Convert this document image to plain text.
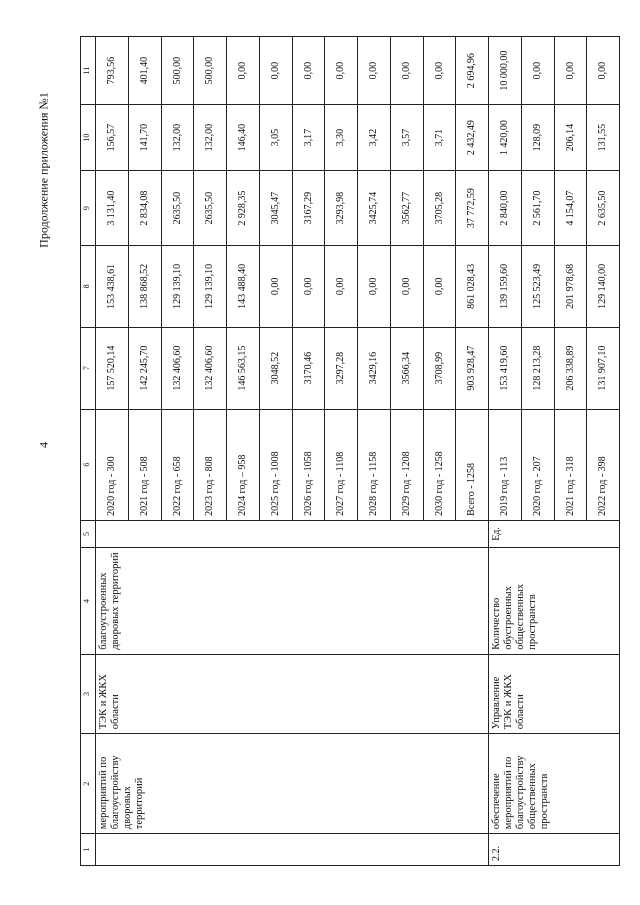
4
Продолжение приложения №1
1	2	3	4	5	6	7	8	9	10	11
	мероприятий по благоустройству дворовых территорий	ТЭК и ЖКХ области	благоустроенных дворовых территорий		2020 год - 300	157 520,14	153 438,61	3 131,40	156,57	793,56
					2021 год - 508	142 245,70	138 868,52	2 834,08	141,70	401,40
					2022 год - 658	132 406,60	129 139,10	2635,50	132,00	500,00
					2023 год - 808	132 406,60	129 139,10	2635,50	132,00	500,00
					2024 год – 958	146 563,15	143 488,40	2 928,35	146,40	0,00
					2025 год - 1008	3048,52	0,00	3045,47	3,05	0,00
					2026 год - 1058	3170,46	0,00	3167,29	3,17	0,00
					2027 год - 1108	3297,28	0,00	3293,98	3,30	0,00
					2028 год - 1158	3429,16	0,00	3425,74	3,42	0,00
					2029 год - 1208	3566,34	0,00	3562,77	3,57	0,00
					2030 год - 1258	3708,99	0,00	3705,28	3,71	0,00
					Всего - 1258	903 928,47	861 028,43	37 772,59	2 432,49	2 694,96
2.2.	обеспечение мероприятий по благоустройству общественных пространств	Управление ТЭК и ЖКХ области	Количество обустроенных общественных пространств	Ед.	2019 год - 113	153 419,60	139 159,60	2 840,00	1 420,00	10 000,00
					2020 год - 207	128 213,28	125 523,49	2 561,70	128,09	0,00
					2021 год - 318	206 338,89	201 978,68	4 154,07	206,14	0,00
					2022 год - 398	131 907,10	129 140,00	2 635,50	131,55	0,00
